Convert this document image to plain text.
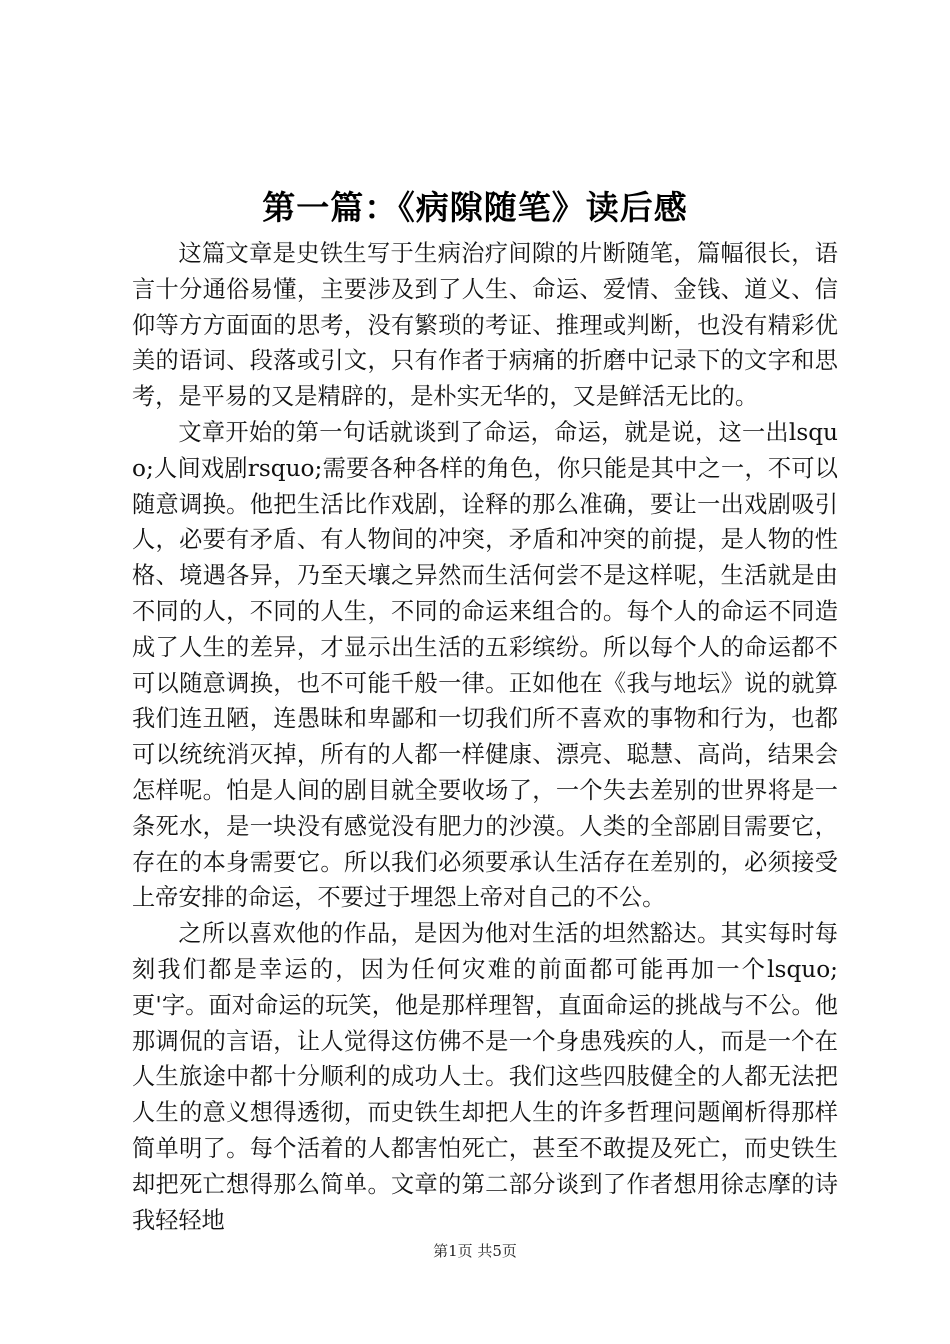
第一篇：《病隙随笔》读后感

这篇文章是史铁生写于生病治疗间隙的片断随笔，篇幅很长，语言十分通俗易懂，主要涉及到了人生、命运、爱情、金钱、道义、信仰等方方面面的思考，没有繁琐的考证、推理或判断，也没有精彩优美的语词、段落或引文，只有作者于病痛的折磨中记录下的文字和思考，是平易的又是精辟的，是朴实无华的，又是鲜活无比的。

文章开始的第一句话就谈到了命运，命运，就是说，这一出lsquo;人间戏剧rsquo;需要各种各样的角色，你只能是其中之一，不可以随意调换。他把生活比作戏剧，诠释的那么准确，要让一出戏剧吸引人，必要有矛盾、有人物间的冲突，矛盾和冲突的前提，是人物的性格、境遇各异，乃至天壤之异然而生活何尝不是这样呢，生活就是由不同的人，不同的人生，不同的命运来组合的。每个人的命运不同造成了人生的差异，才显示出生活的五彩缤纷。所以每个人的命运都不可以随意调换，也不可能千般一律。正如他在《我与地坛》说的就算我们连丑陋，连愚昧和卑鄙和一切我们所不喜欢的事物和行为，也都可以统统消灭掉，所有的人都一样健康、漂亮、聪慧、高尚，结果会怎样呢。怕是人间的剧目就全要收场了，一个失去差别的世界将是一条死水，是一块没有感觉没有肥力的沙漠。人类的全部剧目需要它，存在的本身需要它。所以我们必须要承认生活存在差别的，必须接受上帝安排的命运，不要过于埋怨上帝对自己的不公。

之所以喜欢他的作品，是因为他对生活的坦然豁达。其实每时每刻我们都是幸运的，因为任何灾难的前面都可能再加一个lsquo;更'字。面对命运的玩笑，他是那样理智，直面命运的挑战与不公。他那调侃的言语，让人觉得这仿佛不是一个身患残疾的人，而是一个在人生旅途中都十分顺利的成功人士。我们这些四肢健全的人都无法把人生的意义想得透彻，而史铁生却把人生的许多哲理问题阐析得那样简单明了。每个活着的人都害怕死亡，甚至不敢提及死亡，而史铁生却把死亡想得那么简单。文章的第二部分谈到了作者想用徐志摩的诗我轻轻地

第1页 共5页
